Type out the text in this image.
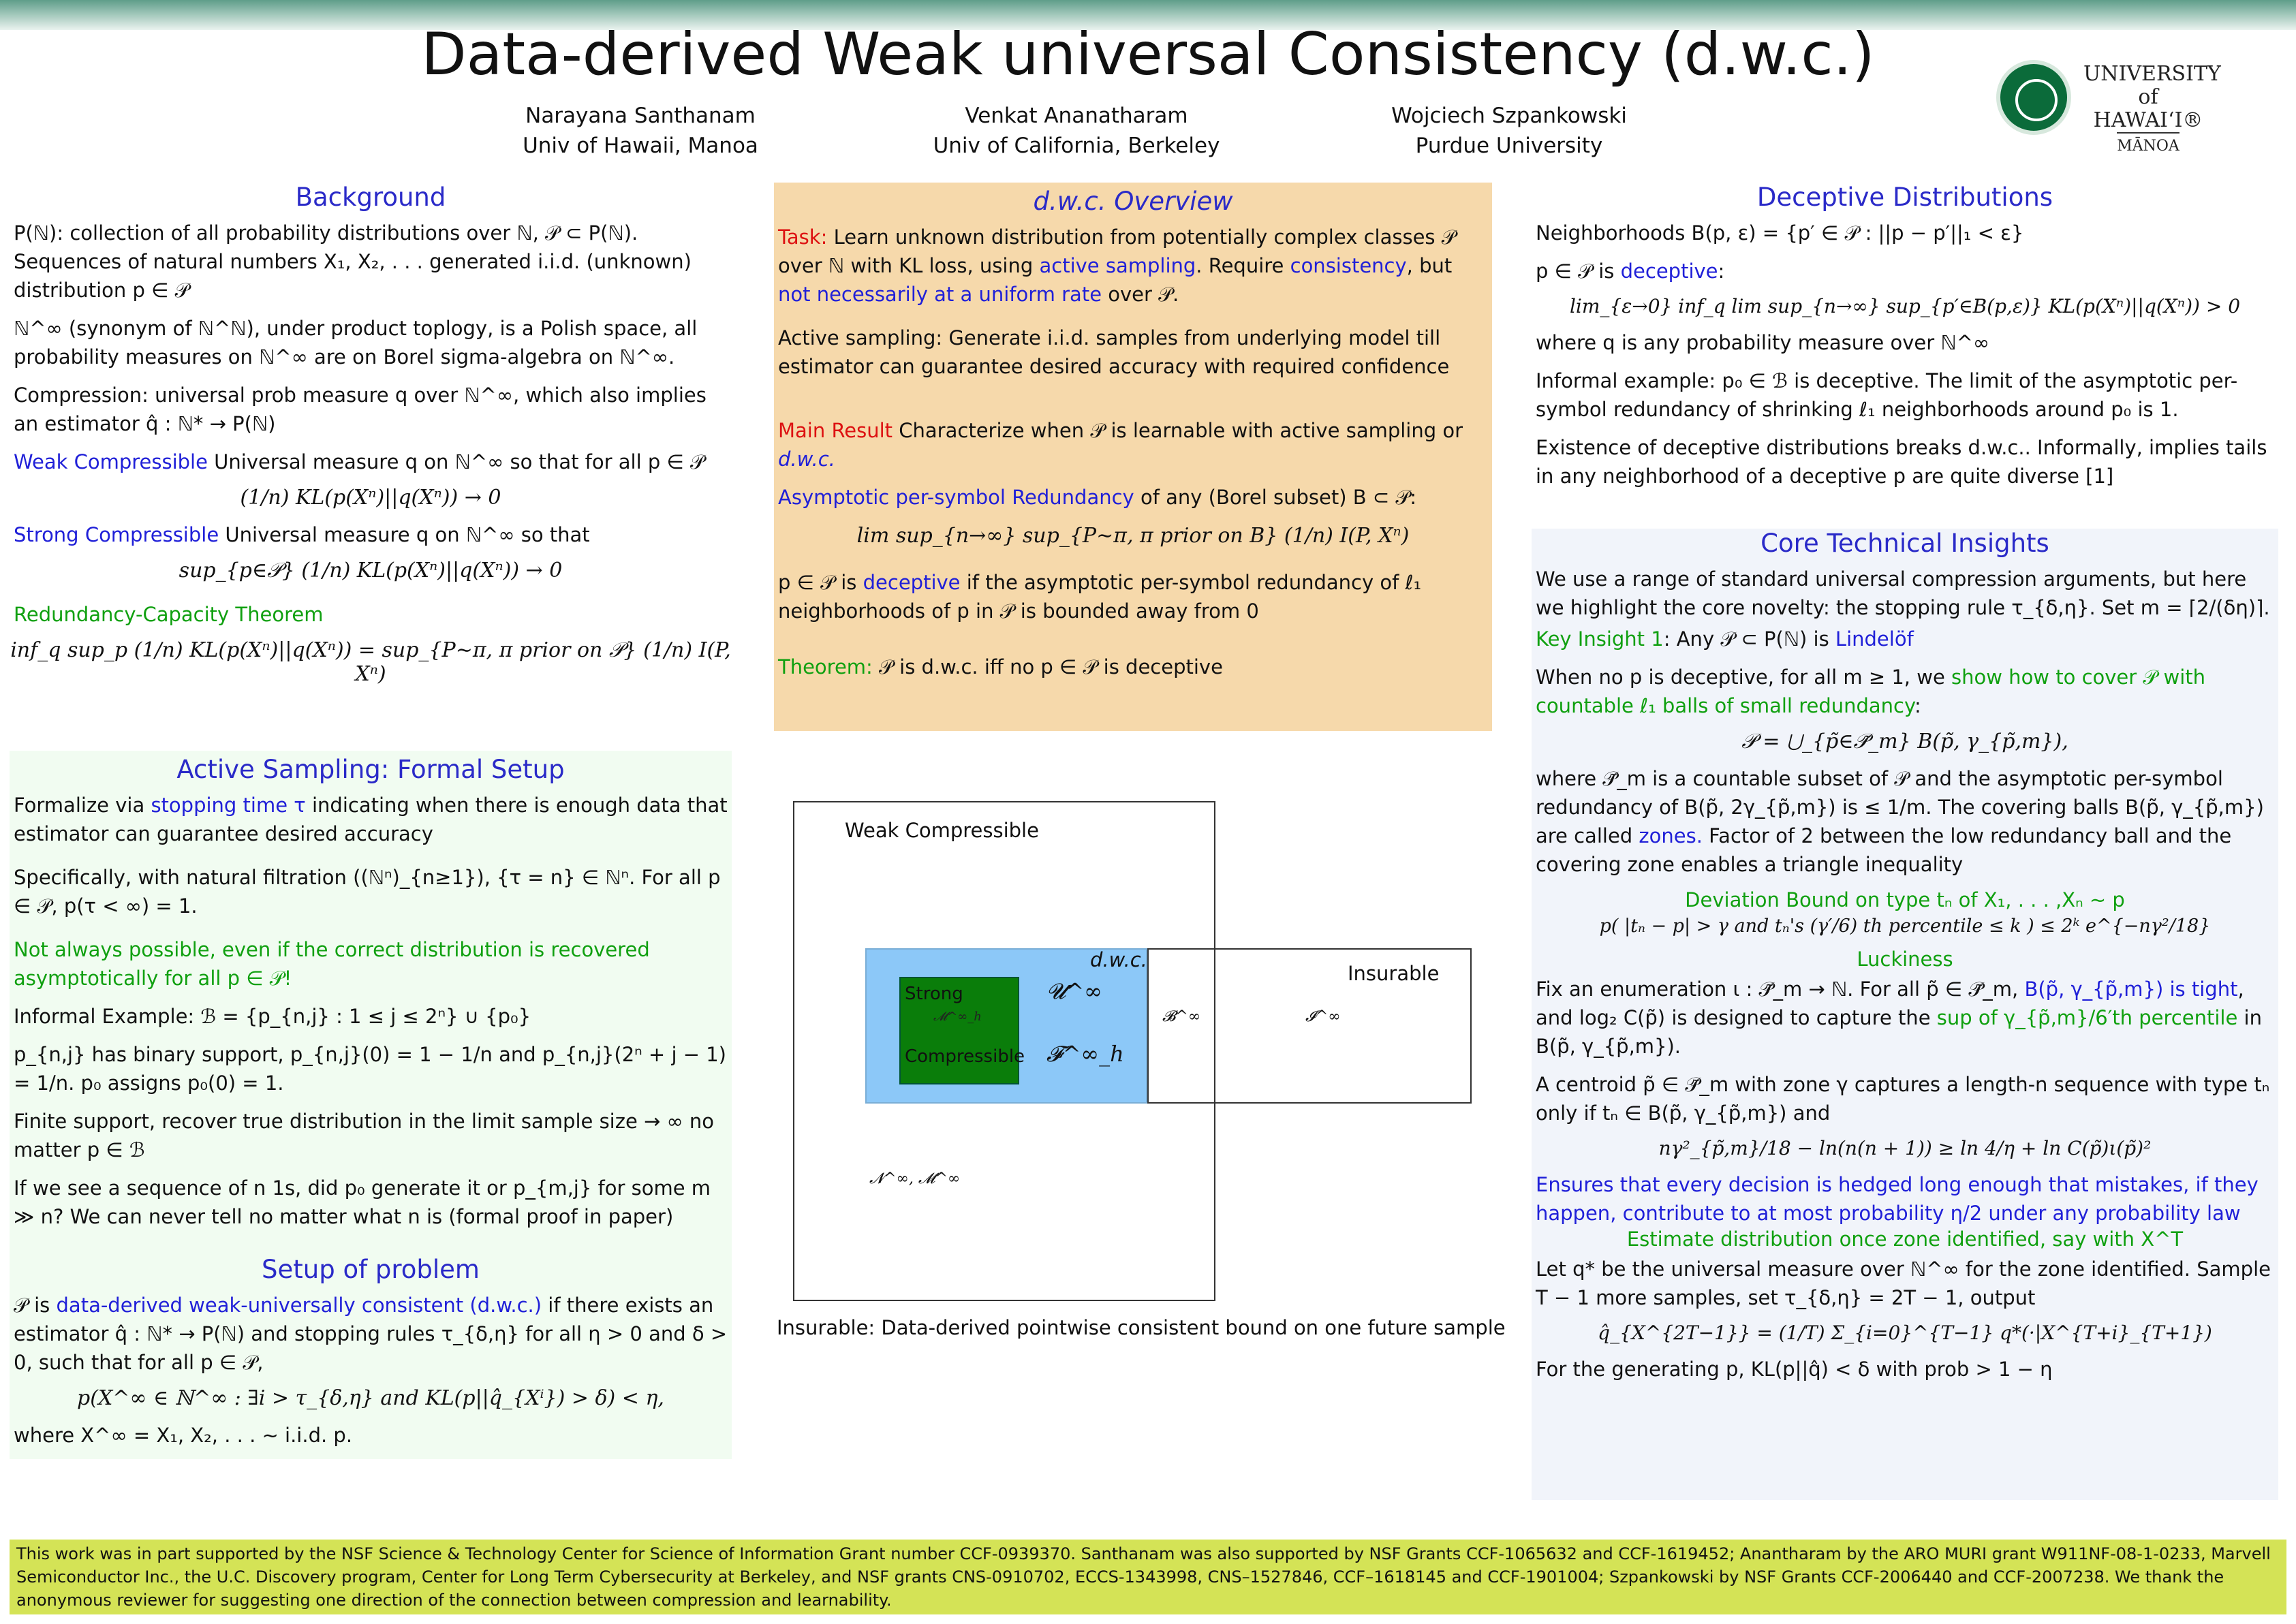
Data-derived Weak universal Consistency (d.w.c.)
Narayana Santhanam
Univ of Hawaii, Manoa
Venkat Ananatharam
Univ of California, Berkeley
Wojciech Szpankowski
Purdue University
UNIVERSITY
of HAWAI‘I®
MĀNOA
Background
P(ℕ): collection of all probability distributions over ℕ, 𝒫 ⊂ P(ℕ). Sequences of natural numbers X₁, X₂, . . . generated i.i.d. (unknown) distribution p ∈ 𝒫
ℕ^∞ (synonym of ℕ^ℕ), under product toplogy, is a Polish space, all probability measures on ℕ^∞ are on Borel sigma-algebra on ℕ^∞.
Compression: universal prob measure q over ℕ^∞, which also implies an estimator q̂ : ℕ* → P(ℕ)
Weak Compressible Universal measure q on ℕ^∞ so that for all p ∈ 𝒫
(1/n) KL(p(Xⁿ)||q(Xⁿ)) → 0
Strong Compressible Universal measure q on ℕ^∞ so that
sup_{p∈𝒫} (1/n) KL(p(Xⁿ)||q(Xⁿ)) → 0
Redundancy-Capacity Theorem
inf_q sup_p (1/n) KL(p(Xⁿ)||q(Xⁿ)) = sup_{P∼π, π prior on 𝒫} (1/n) I(P, Xⁿ)
Active Sampling: Formal Setup
Formalize via stopping time τ indicating when there is enough data that estimator can guarantee desired accuracy
Specifically, with natural filtration ((ℕⁿ)_{n≥1}), {τ = n} ∈ ℕⁿ. For all p ∈ 𝒫, p(τ < ∞) = 1.
Not always possible, even if the correct distribution is recovered asymptotically for all p ∈ 𝒫!
Informal Example: ℬ = {p_{n,j} : 1 ≤ j ≤ 2ⁿ} ∪ {p₀}
p_{n,j} has binary support, p_{n,j}(0) = 1 − 1/n and p_{n,j}(2ⁿ + j − 1) = 1/n. p₀ assigns p₀(0) = 1.
Finite support, recover true distribution in the limit sample size → ∞ no matter p ∈ ℬ
If we see a sequence of n 1s, did p₀ generate it or p_{m,j} for some m ≫ n? We can never tell no matter what n is (formal proof in paper)
Setup of problem
𝒫 is data-derived weak-universally consistent (d.w.c.) if there exists an estimator q̂ : ℕ* → P(ℕ) and stopping rules τ_{δ,η} for all η > 0 and δ > 0, such that for all p ∈ 𝒫,
p(X^∞ ∈ ℕ^∞ : ∃i > τ_{δ,η} and KL(p||q̂_{Xⁱ}) > δ) < η,
where X^∞ = X₁, X₂, . . . ∼ i.i.d. p.
d.w.c. Overview
Task: Learn unknown distribution from potentially complex classes 𝒫 over ℕ with KL loss, using active sampling. Require consistency, but not necessarily at a uniform rate over 𝒫.
Active sampling: Generate i.i.d. samples from underlying model till estimator can guarantee desired accuracy with required confidence
Main Result Characterize when 𝒫 is learnable with active sampling or d.w.c.
Asymptotic per-symbol Redundancy of any (Borel subset) B ⊂ 𝒫:
lim sup_{n→∞} sup_{P∼π, π prior on B} (1/n) I(P, Xⁿ)
p ∈ 𝒫 is deceptive if the asymptotic per-symbol redundancy of ℓ₁ neighborhoods of p in 𝒫 is bounded away from 0
Theorem: 𝒫 is d.w.c. iff no p ∈ 𝒫 is deceptive
Weak Compressible
d.w.c.
Insurable
Strong
𝓜^∞_h
Compressible
𝓤^∞
𝓕^∞_h
𝓑^∞	𝓘^∞
𝓝^∞, 𝓜^∞
Insurable: Data-derived pointwise consistent bound on one future sample
Deceptive Distributions
Neighborhoods B(p, ε) = {p′ ∈ 𝒫 : ||p − p′||₁ < ε}
p ∈ 𝒫 is deceptive:
lim_{ε→0} inf_q lim sup_{n→∞} sup_{p′∈B(p,ε)} KL(p(Xⁿ)||q(Xⁿ)) > 0
where q is any probability measure over ℕ^∞
Informal example: p₀ ∈ ℬ is deceptive. The limit of the asymptotic per-symbol redundancy of shrinking ℓ₁ neighborhoods around p₀ is 1.
Existence of deceptive distributions breaks d.w.c.. Informally, implies tails in any neighborhood of a deceptive p are quite diverse [1]
Core Technical Insights
We use a range of standard universal compression arguments, but here we highlight the core novelty: the stopping rule τ_{δ,η}. Set m = ⌈2/(δη)⌉.
Key Insight 1: Any 𝒫 ⊂ P(ℕ) is Lindelöf
When no p is deceptive, for all m ≥ 1, we show how to cover 𝒫 with countable ℓ₁ balls of small redundancy:
𝒫 = ⋃_{p̃∈𝒫̃_m} B(p̃, γ_{p̃,m}),
where 𝒫̃_m is a countable subset of 𝒫 and the asymptotic per-symbol redundancy of B(p̃, 2γ_{p̃,m}) is ≤ 1/m. The covering balls B(p̃, γ_{p̃,m}) are called zones. Factor of 2 between the low redundancy ball and the covering zone enables a triangle inequality
Deviation Bound on type tₙ of X₁, . . . ,Xₙ ∼ p
p( |tₙ − p| > γ and tₙ's (γ′/6) th percentile ≤ k ) ≤ 2ᵏ e^{−nγ²/18}
Luckiness
Fix an enumeration ι : 𝒫̃_m → ℕ. For all p̃ ∈ 𝒫̃_m, B(p̃, γ_{p̃,m}) is tight, and log₂ C(p̃) is designed to capture the sup of γ_{p̃,m}/6′th percentile in B(p̃, γ_{p̃,m}).
A centroid p̃ ∈ 𝒫̃_m with zone γ captures a length-n sequence with type tₙ only if tₙ ∈ B(p̃, γ_{p̃,m}) and
nγ²_{p̃,m}/18 − ln(n(n + 1)) ≥ ln 4/η + ln C(p̃)ι(p̃)²
Ensures that every decision is hedged long enough that mistakes, if they happen, contribute to at most probability η/2 under any probability law
Estimate distribution once zone identified, say with X^T
Let q* be the universal measure over ℕ^∞ for the zone identified. Sample T − 1 more samples, set τ_{δ,η} = 2T − 1, output
q̂_{X^{2T−1}} = (1/T) Σ_{i=0}^{T−1} q*(·|X^{T+i}_{T+1})
For the generating p, KL(p||q̂) < δ with prob > 1 − η
This work was in part supported by the NSF Science & Technology Center for Science of Information Grant number CCF-0939370. Santhanam was also supported by NSF Grants CCF-1065632 and CCF-1619452; Anantharam by the ARO MURI grant W911NF-08-1-0233, Marvell Semiconductor Inc., the U.C. Discovery program, Center for Long Term Cybersecurity at Berkeley, and NSF grants CNS-0910702, ECCS-1343998, CNS–1527846, CCF–1618145 and CCF-1901004; Szpankowski by NSF Grants CCF-2006440 and CCF-2007238. We thank the anonymous reviewer for suggesting one direction of the connection between compression and learnability.
